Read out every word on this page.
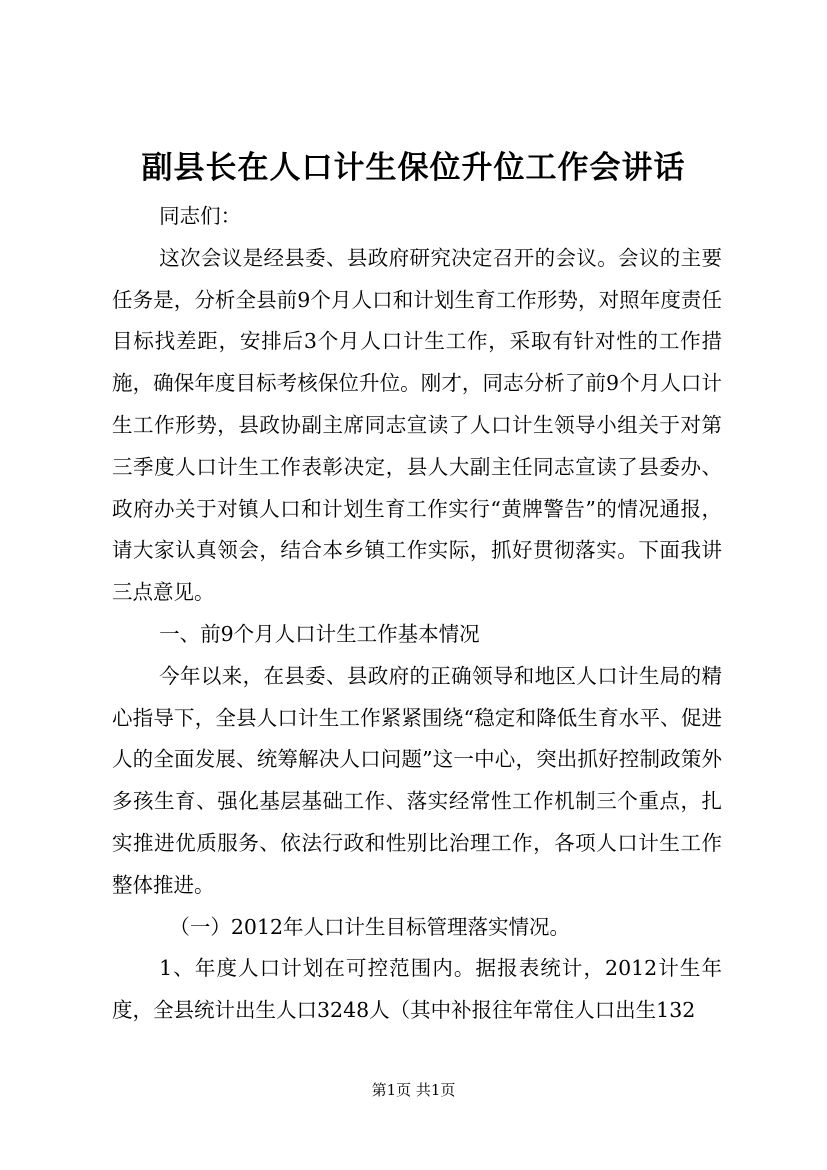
副县长在人口计生保位升位工作会讲话

同志们：

这次会议是经县委、县政府研究决定召开的会议。会议的主要任务是，分析全县前9个月人口和计划生育工作形势，对照年度责任目标找差距，安排后3个月人口计生工作，采取有针对性的工作措施，确保年度目标考核保位升位。刚才，同志分析了前9个月人口计生工作形势，县政协副主席同志宣读了人口计生领导小组关于对第三季度人口计生工作表彰决定，县人大副主任同志宣读了县委办、政府办关于对镇人口和计划生育工作实行“黄牌警告”的情况通报，请大家认真领会，结合本乡镇工作实际，抓好贯彻落实。下面我讲三点意见。

一、前9个月人口计生工作基本情况

今年以来，在县委、县政府的正确领导和地区人口计生局的精心指导下，全县人口计生工作紧紧围绕“稳定和降低生育水平、促进人的全面发展、统筹解决人口问题”这一中心，突出抓好控制政策外多孩生育、强化基层基础工作、落实经常性工作机制三个重点，扎实推进优质服务、依法行政和性别比治理工作，各项人口计生工作整体推进。

（一）2012年人口计生目标管理落实情况。

1、年度人口计划在可控范围内。据报表统计，2012计生年度，全县统计出生人口3248人（其中补报往年常住人口出生132

第1页 共1页
